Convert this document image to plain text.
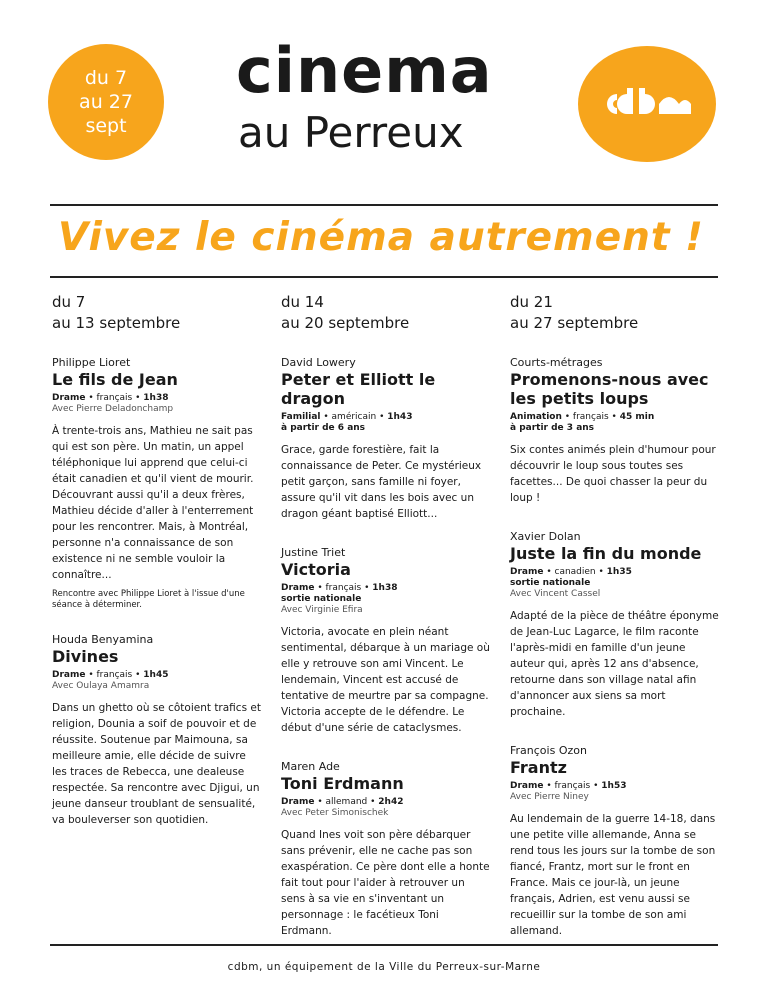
du 7
au 27
sept
cinema
au Perreux
Vivez le cinéma autrement !
du 7
au 13 septembre
Philippe Lioret
Le fils de Jean
Drame • français • 1h38
Avec Pierre Deladonchamp
À trente-trois ans, Mathieu ne sait pas qui est son père. Un matin, un appel téléphonique lui apprend que celui-ci était canadien et qu'il vient de mourir. Découvrant aussi qu'il a deux frères, Mathieu décide d'aller à l'enterrement pour les rencontrer. Mais, à Montréal, personne n'a connaissance de son existence ni ne semble vouloir la connaître...
Rencontre avec Philippe Lioret à l'issue d'une séance à déterminer.
Houda Benyamina
Divines
Drame • français • 1h45
Avec Oulaya Amamra
Dans un ghetto où se côtoient trafics et religion, Dounia a soif de pouvoir et de réussite. Soutenue par Maimouna, sa meilleure amie, elle décide de suivre les traces de Rebecca, une dealeuse respectée. Sa rencontre avec Djigui, un jeune danseur troublant de sensualité, va bouleverser son quotidien.
du 14
au 20 septembre
David Lowery
Peter et Elliott le dragon
Familial • américain • 1h43
à partir de 6 ans
Grace, garde forestière, fait la connaissance de Peter. Ce mystérieux petit garçon, sans famille ni foyer, assure qu'il vit dans les bois avec un dragon géant baptisé Elliott...
Justine Triet
Victoria
Drame • français • 1h38
sortie nationale
Avec Virginie Efira
Victoria, avocate en plein néant sentimental, débarque à un mariage où elle y retrouve son ami Vincent. Le lendemain, Vincent est accusé de tentative de meurtre par sa compagne. Victoria accepte de le défendre. Le début d'une série de cataclysmes.
Maren Ade
Toni Erdmann
Drame • allemand • 2h42
Avec Peter Simonischek
Quand Ines voit son père débarquer sans prévenir, elle ne cache pas son exaspération. Ce père dont elle a honte fait tout pour l'aider à retrouver un sens à sa vie en s'inventant un personnage : le facétieux Toni Erdmann.
du 21
au 27 septembre
Courts-métrages
Promenons-nous avec les petits loups
Animation • français • 45 min
à partir de 3 ans
Six contes animés plein d'humour pour découvrir le loup sous toutes ses facettes... De quoi chasser la peur du loup !
Xavier Dolan
Juste la fin du monde
Drame • canadien • 1h35
sortie nationale
Avec Vincent Cassel
Adapté de la pièce de théâtre éponyme de Jean-Luc Lagarce, le film raconte l'après-midi en famille d'un jeune auteur qui, après 12 ans d'absence, retourne dans son village natal afin d'annoncer aux siens sa mort prochaine.
François Ozon
Frantz
Drame • français • 1h53
Avec Pierre Niney
Au lendemain de la guerre 14-18, dans une petite ville allemande, Anna se rend tous les jours sur la tombe de son fiancé, Frantz, mort sur le front en France. Mais ce jour-là, un jeune français, Adrien, est venu aussi se recueillir sur la tombe de son ami allemand.
cdbm, un équipement de la Ville du Perreux-sur-Marne
